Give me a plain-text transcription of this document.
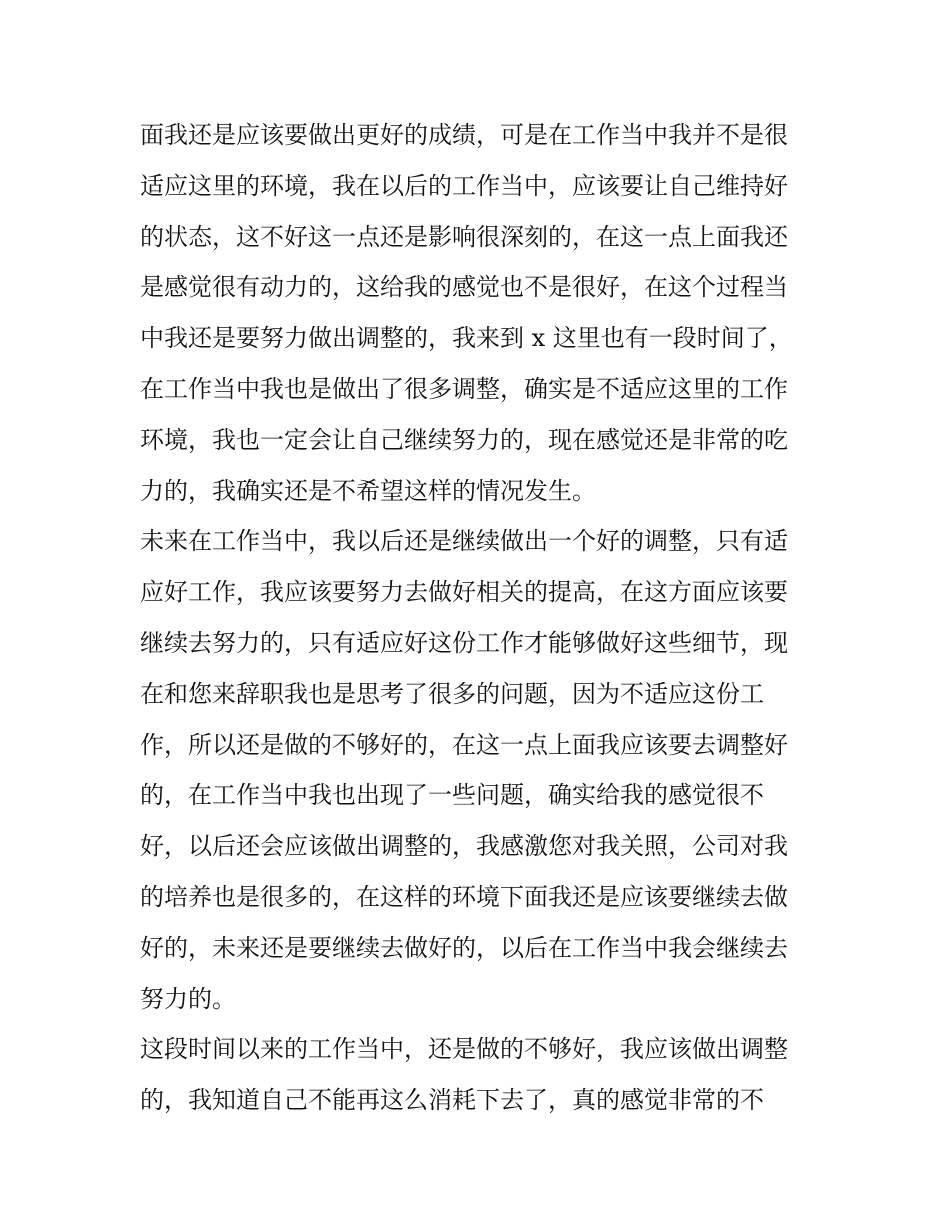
面我还是应该要做出更好的成绩，可是在工作当中我并不是很
适应这里的环境，我在以后的工作当中，应该要让自己维持好
的状态，这不好这一点还是影响很深刻的，在这一点上面我还
是感觉很有动力的，这给我的感觉也不是很好，在这个过程当
中我还是要努力做出调整的，我来到 x 这里也有一段时间了，
在工作当中我也是做出了很多调整，确实是不适应这里的工作
环境，我也一定会让自己继续努力的，现在感觉还是非常的吃
力的，我确实还是不希望这样的情况发生。
未来在工作当中，我以后还是继续做出一个好的调整，只有适
应好工作，我应该要努力去做好相关的提高，在这方面应该要
继续去努力的，只有适应好这份工作才能够做好这些细节，现
在和您来辞职我也是思考了很多的问题，因为不适应这份工
作，所以还是做的不够好的，在这一点上面我应该要去调整好
的，在工作当中我也出现了一些问题，确实给我的感觉很不
好，以后还会应该做出调整的，我感激您对我关照，公司对我
的培养也是很多的，在这样的环境下面我还是应该要继续去做
好的，未来还是要继续去做好的，以后在工作当中我会继续去
努力的。
这段时间以来的工作当中，还是做的不够好，我应该做出调整
的，我知道自己不能再这么消耗下去了，真的感觉非常的不
